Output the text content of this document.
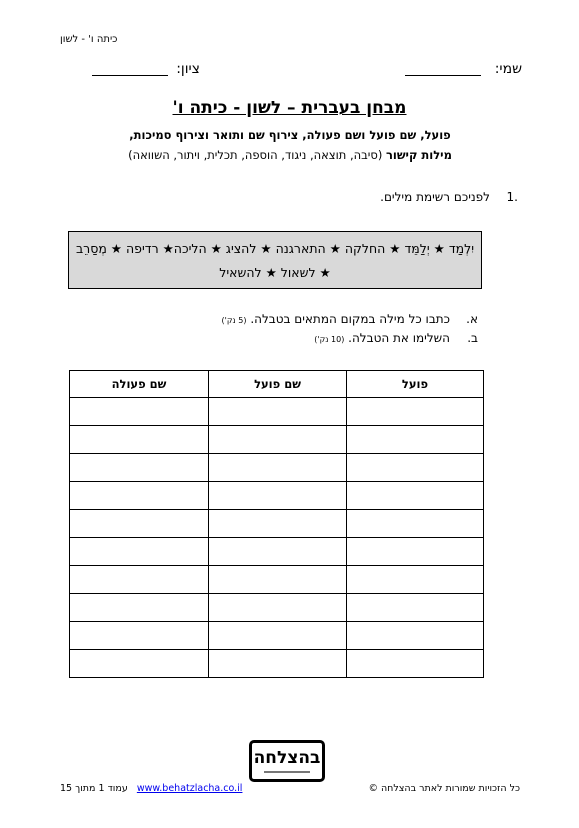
כיתה ו' - לשון
שמי:
ציון:
מבחן בעברית – לשון - כיתה ו'
פועל, שם פועל ושם פעולה, צירוף שם ותואר וצירוף סמיכות,
מילות קישור (סיבה, תוצאה, ניגוד, הוספה, תכלית, ויתור, השוואה)
1.
לפניכם רשימת מילים.
יִלְמַד ★ יְלַמֵּד ★ החלקה ★ התארגנה ★ להציג ★ הליכה★ רדיפה ★ מְסַרֵב ★ לשאול ★ להשאיל
א.
כתבו כל מילה במקום המתאים בטבלה. (5 נק')
ב.
השלימו את הטבלה. (10 נק')
פועל	שם פועל	שם פעולה

בהצלחה
עמוד 1 מתוך 15 www.behatzlacha.co.il	כל הזכויות שמורות לאתר בהצלחה ©
